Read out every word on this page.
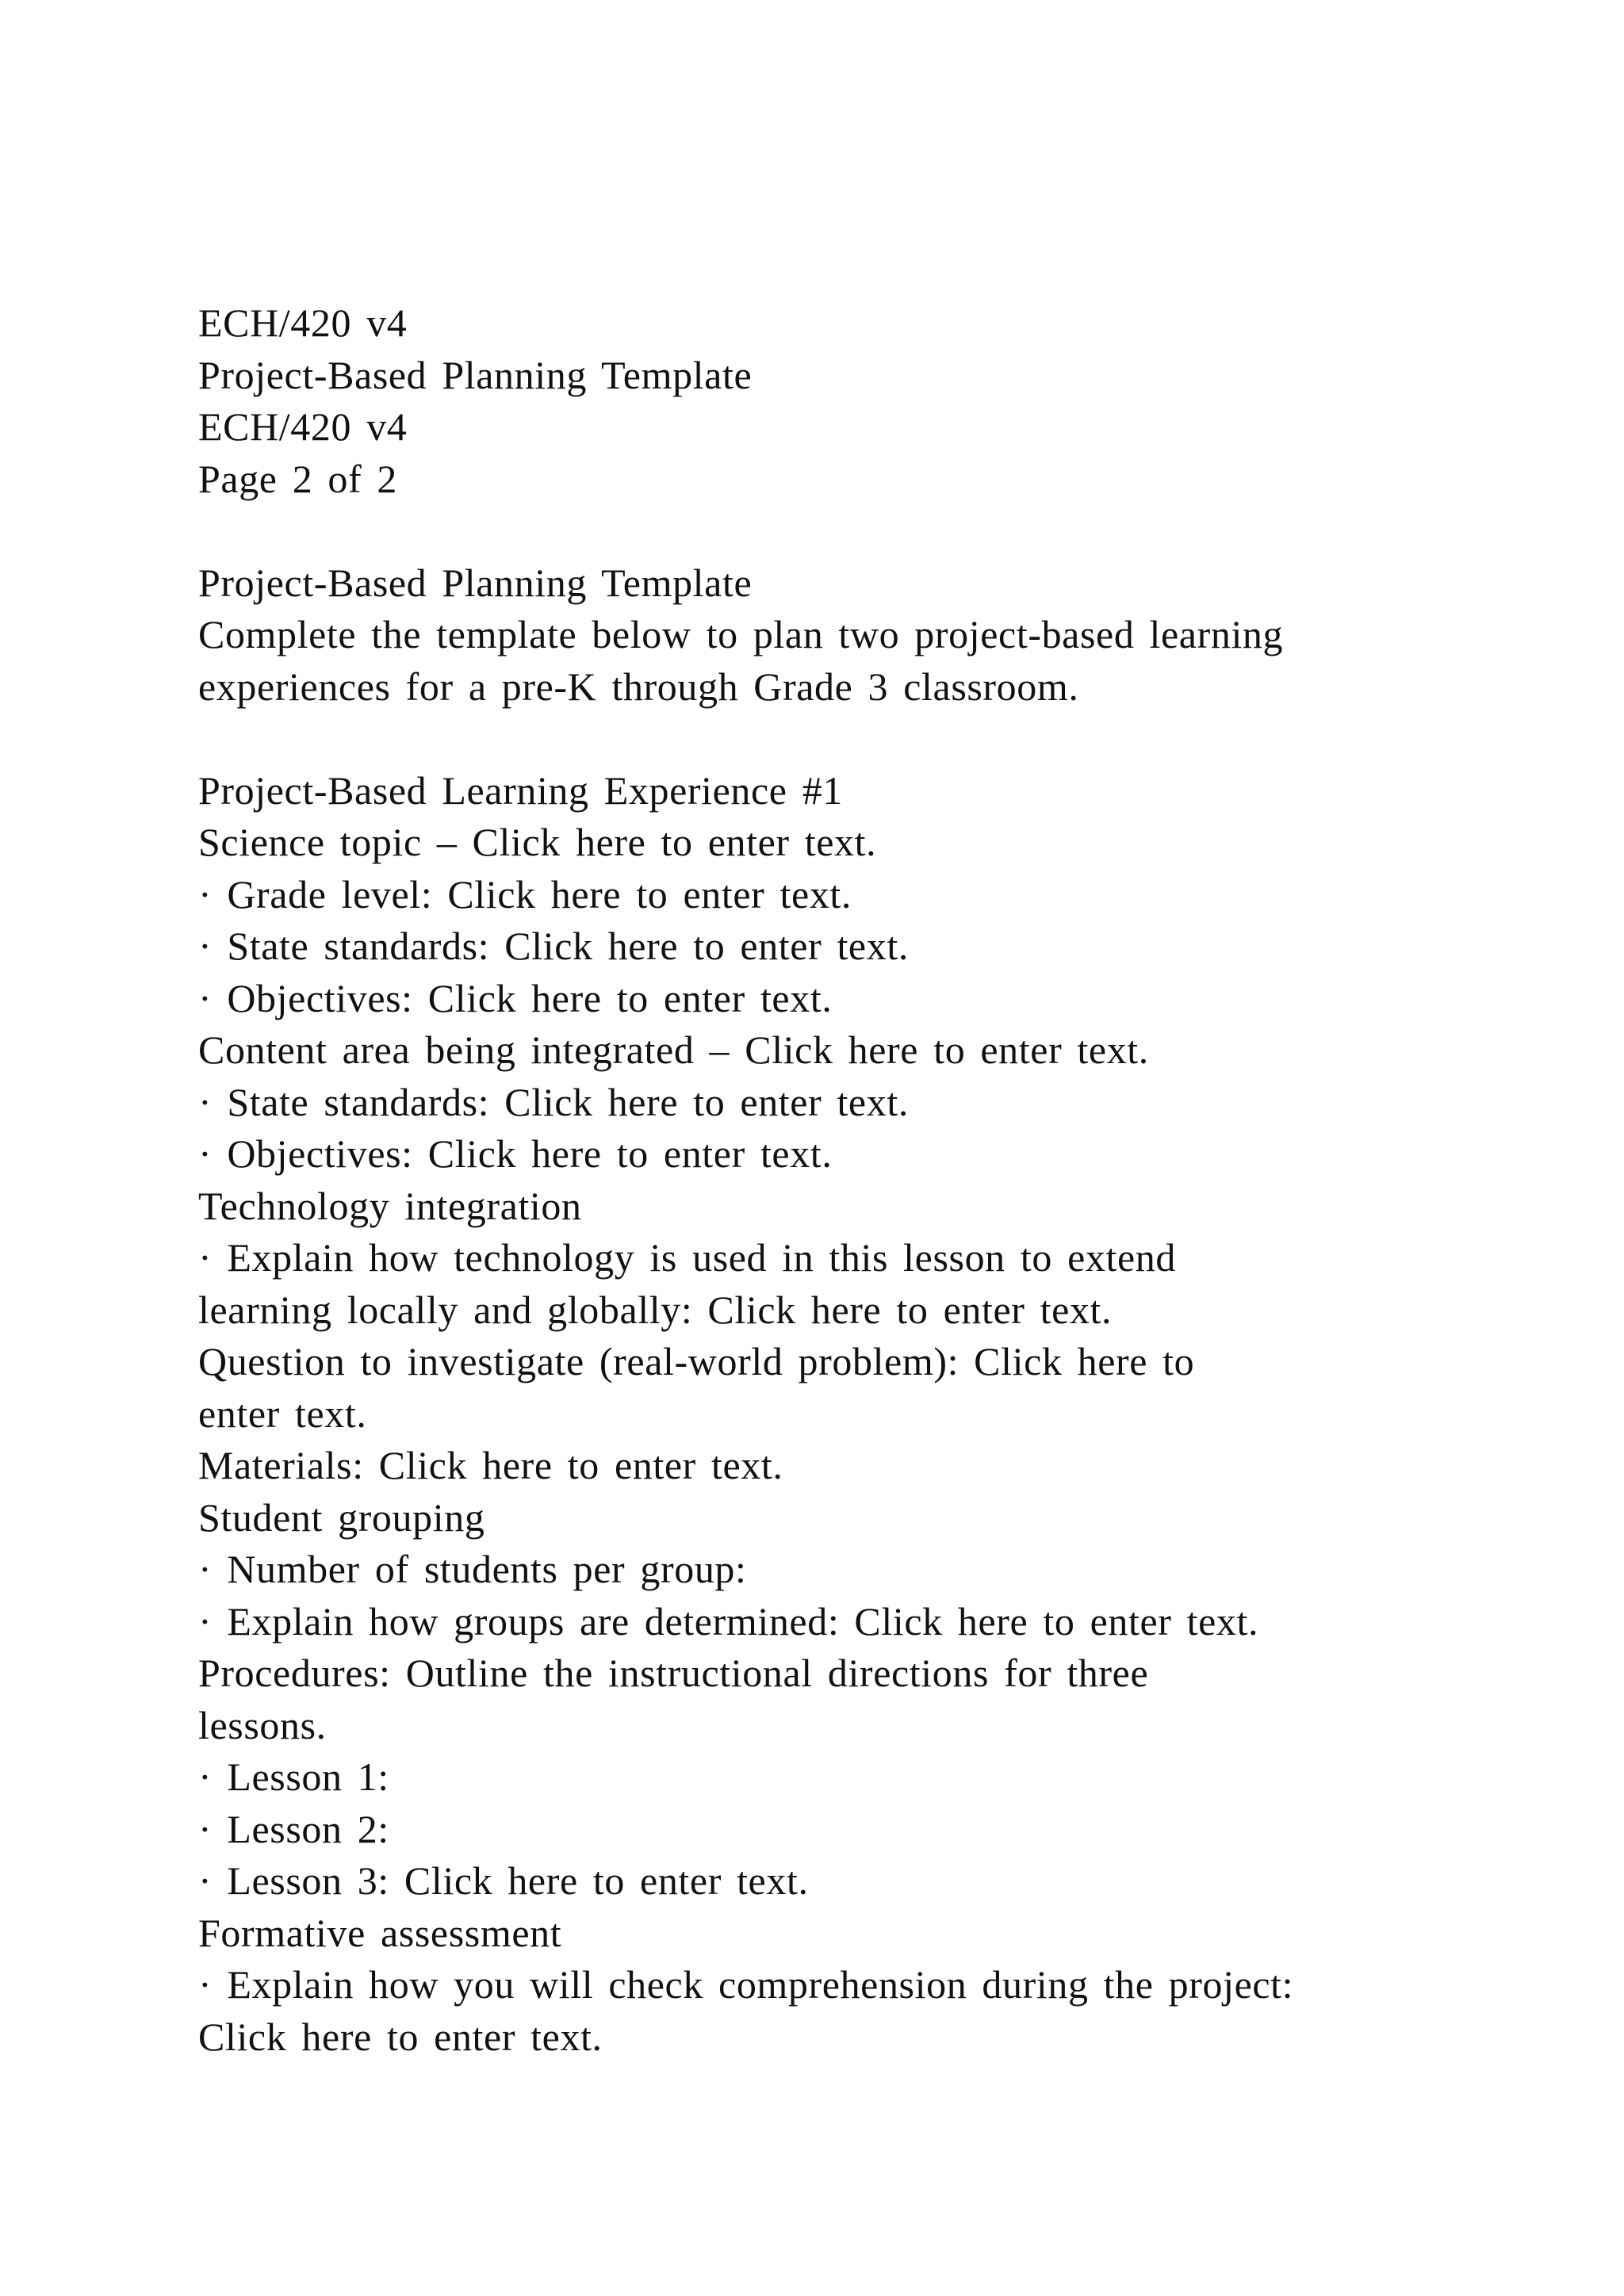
ECH/420 v4
Project-Based Planning Template
ECH/420 v4
Page 2 of 2
Project-Based Planning Template
Complete the template below to plan two project-based learning
experiences for a pre-K through Grade 3 classroom.
Project-Based Learning Experience #1
Science topic – Click here to enter text.
· Grade level: Click here to enter text.
· State standards: Click here to enter text.
· Objectives: Click here to enter text.
Content area being integrated – Click here to enter text.
· State standards: Click here to enter text.
· Objectives: Click here to enter text.
Technology integration
· Explain how technology is used in this lesson to extend
learning locally and globally: Click here to enter text.
Question to investigate (real-world problem): Click here to
enter text.
Materials: Click here to enter text.
Student grouping
· Number of students per group:
· Explain how groups are determined: Click here to enter text.
Procedures: Outline the instructional directions for three
lessons.
· Lesson 1:
· Lesson 2:
· Lesson 3: Click here to enter text.
Formative assessment
· Explain how you will check comprehension during the project:
Click here to enter text.
